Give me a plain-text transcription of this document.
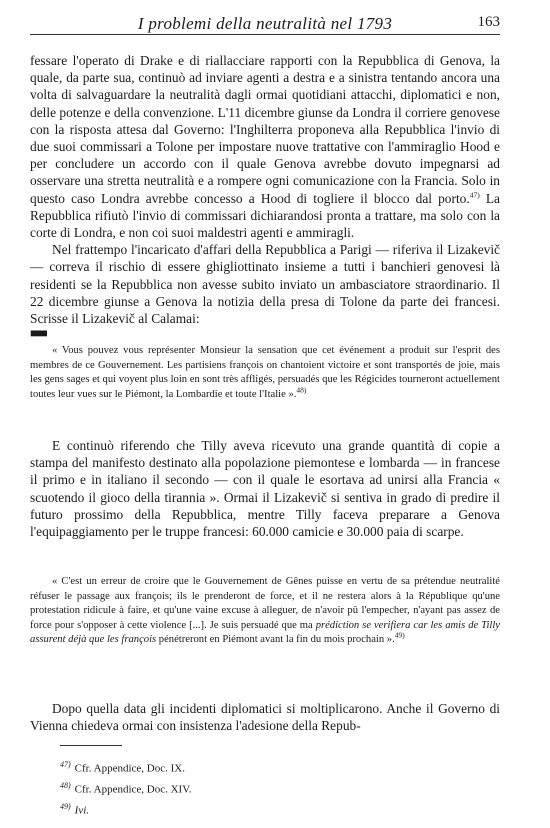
I problemi della neutralità nel 1793	163

fessare l'operato di Drake e di riallacciare rapporti con la Repubblica di Genova, la quale, da parte sua, continuò ad inviare agenti a destra e a sinistra tentando ancora una volta di salvaguardare la neutralità dagli ormai quotidiani attacchi, diplomatici e non, delle potenze e della convenzione. L'11 dicembre giunse da Londra il corriere genovese con la risposta attesa dal Governo: l'Inghilterra proponeva alla Repubblica l'invio di due suoi commissari a Tolone per impostare nuove trattative con l'ammiraglio Hood e per concludere un accordo con il quale Genova avrebbe dovuto impegnarsi ad osservare una stretta neutralità e a rompere ogni comunicazione con la Francia. Solo in questo caso Londra avrebbe concesso a Hood di togliere il blocco dal porto.$^{47)}$ La Repubblica rifiutò l'invio di commissari dichiarandosi pronta a trattare, ma solo con la corte di Londra, e non coi suoi maldestri agenti e ammiragli.

Nel frattempo l'incaricato d'affari della Repubblica a Parigi — riferiva il Lizakevič — correva il rischio di essere ghigliottinato insieme a tutti i banchieri genovesi là residenti se la Repubblica non avesse subito inviato un ambasciatore straordinario. Il 22 dicembre giunse a Genova la notizia della presa di Tolone da parte dei francesi. Scrisse il Lizakevič al Calamai:

■■■

« Vous pouvez vous représenter Monsieur la sensation que cet événement a produit sur l'esprit des membres de ce Gouvernement. Les partisiens françois on chantoient victoire et sont transportés de joie, mais les gens sages et qui voyent plus loin en sont très affligés, persuadés que les Régicides tourneront actuellement toutes leur vues sur le Piémont, la Lombardie et toute l'Italie ».$^{48)}$

E continuò riferendo che Tilly aveva ricevuto una grande quantità di copie a stampa del manifesto destinato alla popolazione piemontese e lombarda — in francese il primo e in italiano il secondo — con il quale le esortava ad unirsi alla Francia « scuotendo il gioco della tirannia ». Ormai il Lizakevič si sentiva in grado di predire il futuro prossimo della Repubblica, mentre Tilly faceva preparare a Genova l'equipaggiamento per le truppe francesi: 60.000 camicie e 30.000 paia di scarpe.

« C'est un erreur de croire que le Gouvernement de Gênes puisse en vertu de sa prétendue neutralité réfuser le passage aux françois; ils le prenderont de force, et il ne restera alors à la République qu'une protestation ridicule à faire, et qu'une vaine excuse à alleguer, de n'avoir pû l'empecher, n'ayant pas assez de force pour s'opposer à cette violence [...]. Je suis persuadé que ma prédiction se verifiera car les amis de Tilly assurent déjà que les françois pénétreront en Piémont avant la fin du mois prochain ».$^{49)}$

Dopo quella data gli incidenti diplomatici si moltiplicarono. Anche il Governo di Vienna chiedeva ormai con insistenza l'adesione della Repub-

$^{47)}$ Cfr. Appendice, Doc. IX.
$^{48)}$ Cfr. Appendice, Doc. XIV.
$^{49)}$ Ivi.
